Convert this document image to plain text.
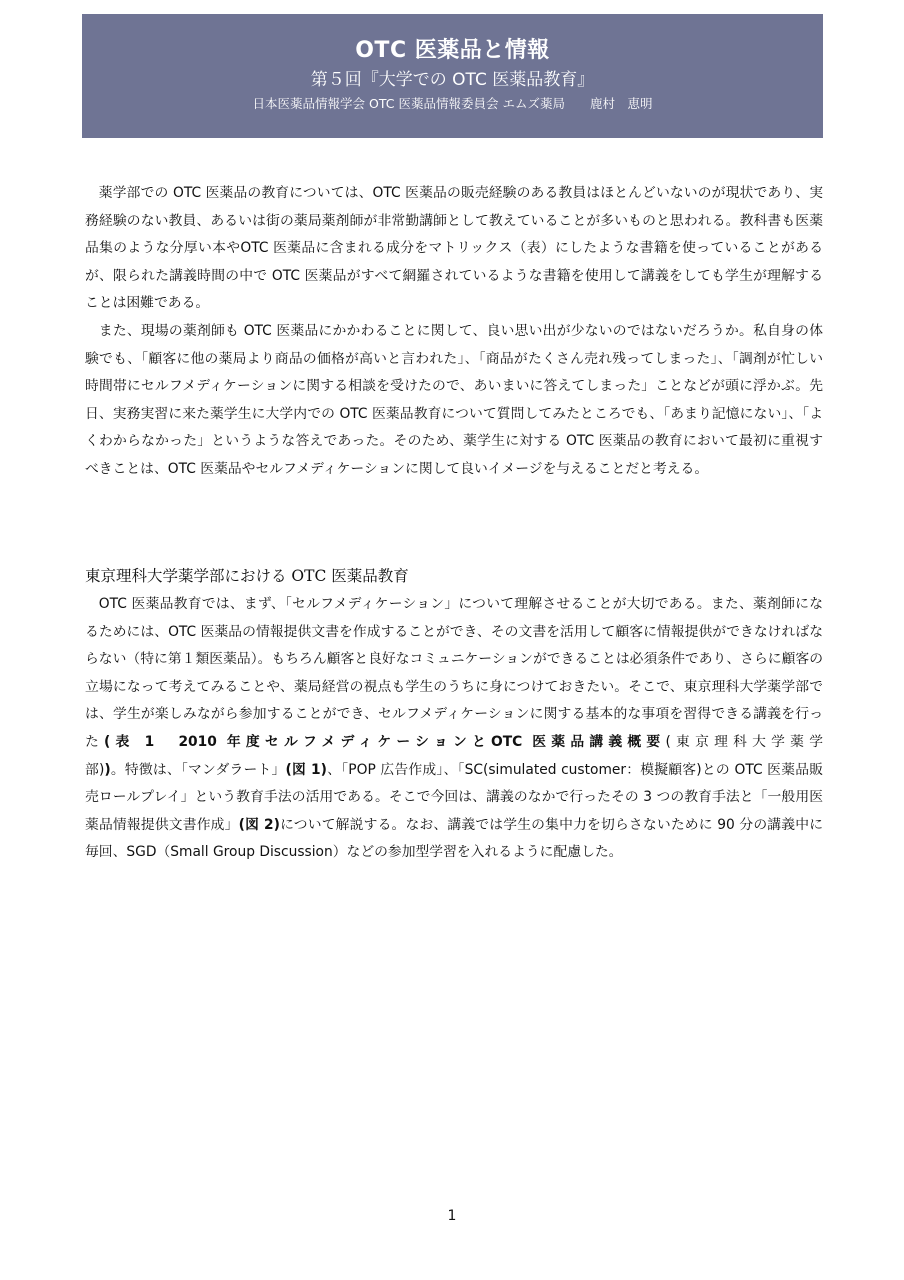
OTC 医薬品と情報
第５回『大学での OTC 医薬品教育』
日本医薬品情報学会 OTC 医薬品情報委員会 エムズ薬局　　鹿村　恵明

薬学部での OTC 医薬品の教育については、OTC 医薬品の販売経験のある教員はほとんどいないのが現状であり、実務経験のない教員、あるいは街の薬局薬剤師が非常勤講師として教えていることが多いものと思われる。教科書も医薬品集のような分厚い本やOTC 医薬品に含まれる成分をマトリックス（表）にしたような書籍を使っていることがあるが、限られた講義時間の中で OTC 医薬品がすべて網羅されているような書籍を使用して講義をしても学生が理解することは困難である。

また、現場の薬剤師も OTC 医薬品にかかわることに関して、良い思い出が少ないのではないだろうか。私自身の体験でも、「顧客に他の薬局より商品の価格が高いと言われた」、「商品がたくさん売れ残ってしまった」、「調剤が忙しい時間帯にセルフメディケーションに関する相談を受けたので、あいまいに答えてしまった」ことなどが頭に浮かぶ。先日、実務実習に来た薬学生に大学内での OTC 医薬品教育について質問してみたところでも、「あまり記憶にない」、「よくわからなかった」というような答えであった。そのため、薬学生に対する OTC 医薬品の教育において最初に重視すべきことは、OTC 医薬品やセルフメディケーションに関して良いイメージを与えることだと考える。

東京理科大学薬学部における OTC 医薬品教育

OTC 医薬品教育では、まず、「セルフメディケーション」について理解させることが大切である。また、薬剤師になるためには、OTC 医薬品の情報提供文書を作成することができ、その文書を活用して顧客に情報提供ができなければならない（特に第１類医薬品）。もちろん顧客と良好なコミュニケーションができることは必須条件であり、さらに顧客の立場になって考えてみることや、薬局経営の視点も学生のうちに身につけておきたい。そこで、東京理科大学薬学部では、学生が楽しみながら参加することができ、セルフメディケーションに関する基本的な事項を習得できる講義を行った(表 1　2010 年度セルフメディケーションとOTC 医薬品講義概要(東京理科大学薬学部))。特徴は、「マンダラート」(図 1)、「POP 広告作成」、「SC(simulated customer：模擬顧客)との OTC 医薬品販売ロールプレイ」という教育手法の活用である。そこで今回は、講義のなかで行ったその 3 つの教育手法と「一般用医薬品情報提供文書作成」(図 2)について解説する。なお、講義では学生の集中力を切らさないために 90 分の講義中に毎回、SGD（Small Group Discussion）などの参加型学習を入れるように配慮した。

1
